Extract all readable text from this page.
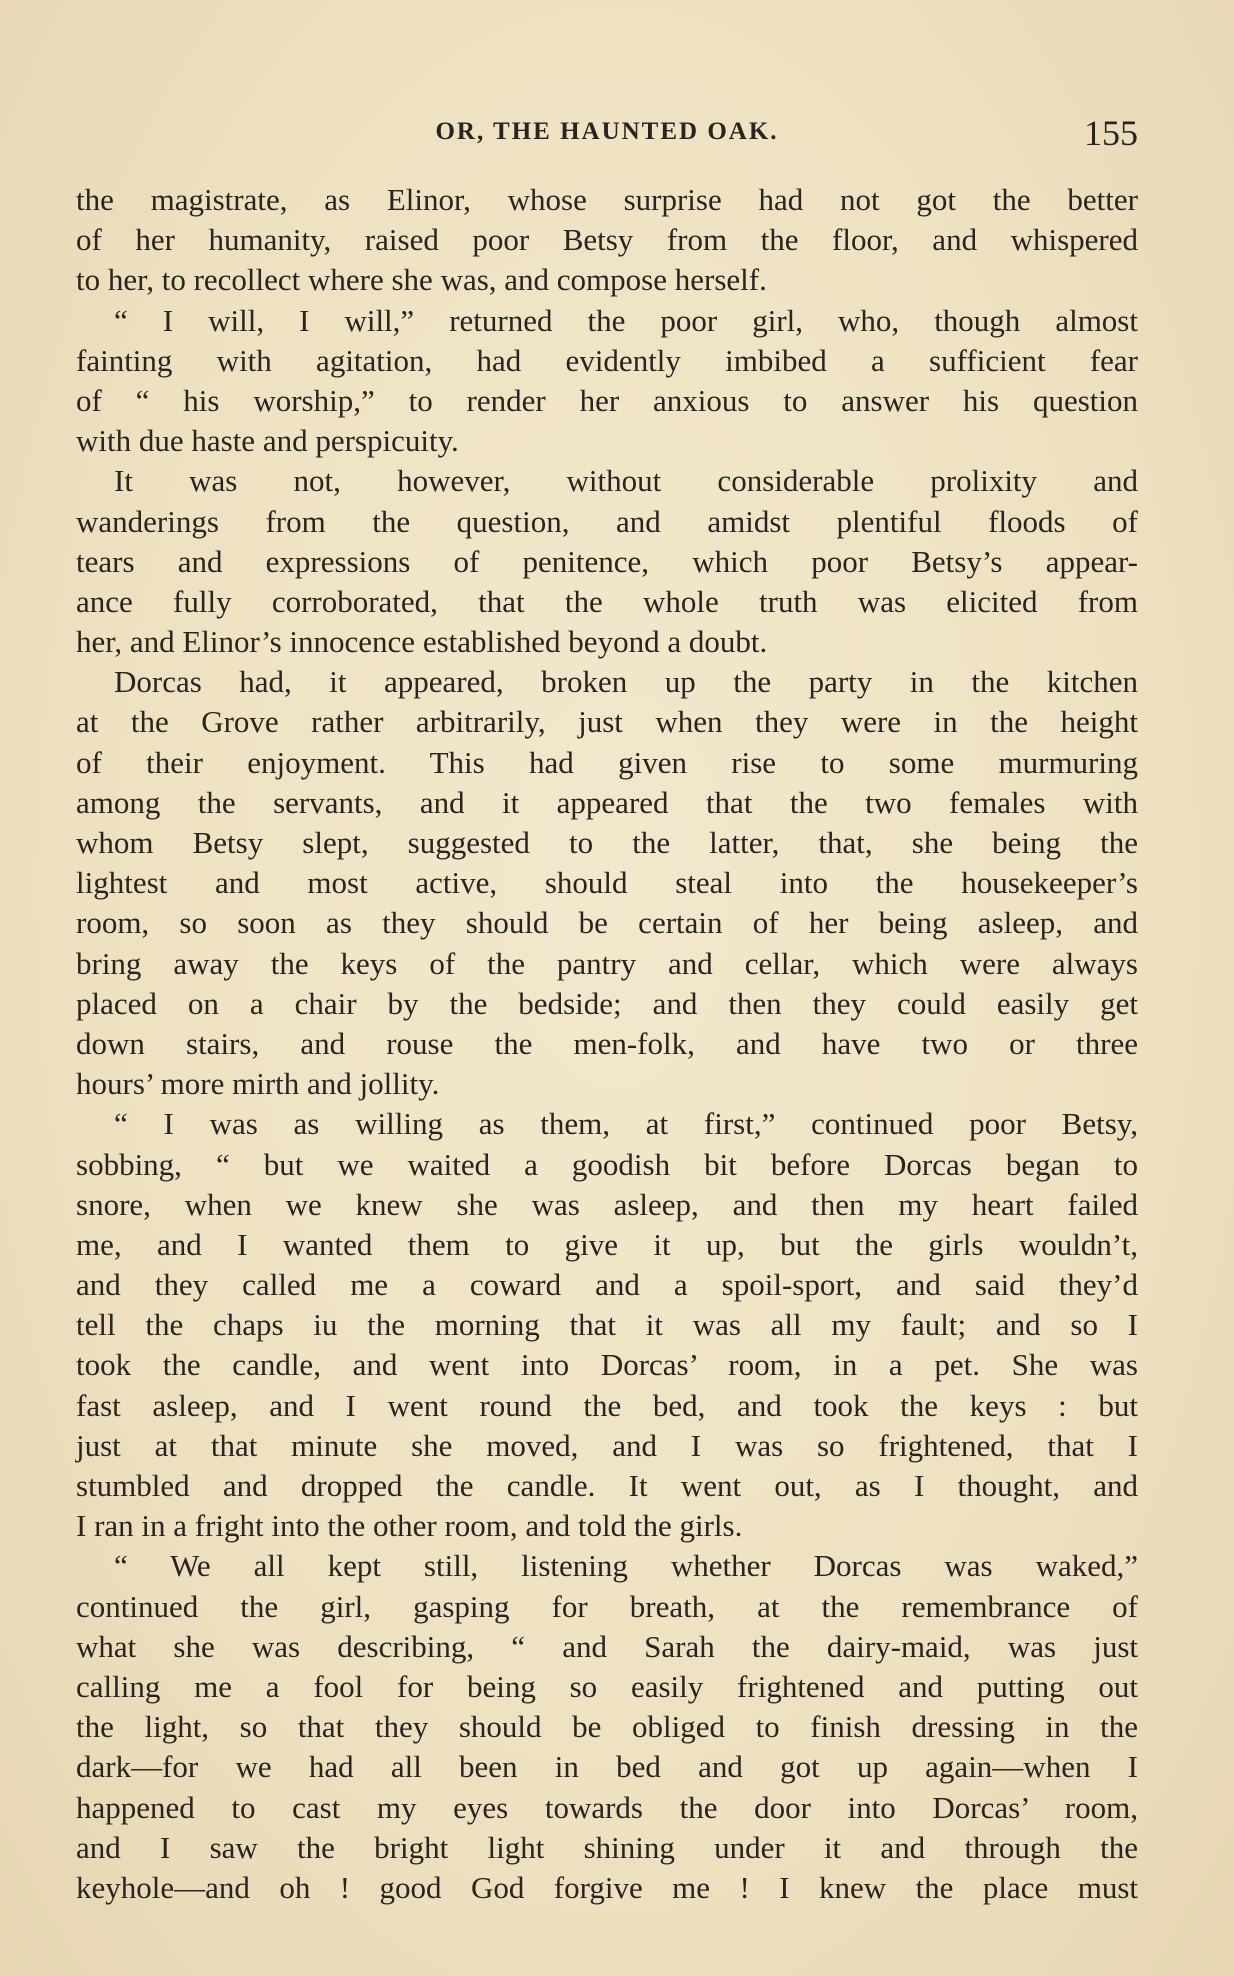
OR, THE HAUNTED OAK.	155
the magistrate, as Elinor, whose surprise had not got the better
of her humanity, raised poor Betsy from the floor, and whispered
to her, to recollect where she was, and compose herself.
“ I will, I will,” returned the poor girl, who, though almost
fainting with agitation, had evidently imbibed a sufficient fear
of “ his worship,” to render her anxious to answer his question
with due haste and perspicuity.
It was not, however, without considerable prolixity and
wanderings from the question, and amidst plentiful floods of
tears and expressions of penitence, which poor Betsy’s appear-
ance fully corroborated, that the whole truth was elicited from
her, and Elinor’s innocence established beyond a doubt.
Dorcas had, it appeared, broken up the party in the kitchen
at the Grove rather arbitrarily, just when they were in the height
of their enjoyment. This had given rise to some murmuring
among the servants, and it appeared that the two females with
whom Betsy slept, suggested to the latter, that, she being the
lightest and most active, should steal into the housekeeper’s
room, so soon as they should be certain of her being asleep, and
bring away the keys of the pantry and cellar, which were always
placed on a chair by the bedside; and then they could easily get
down stairs, and rouse the men-folk, and have two or three
hours’ more mirth and jollity.
“ I was as willing as them, at first,” continued poor Betsy,
sobbing, “ but we waited a goodish bit before Dorcas began to
snore, when we knew she was asleep, and then my heart failed
me, and I wanted them to give it up, but the girls wouldn’t,
and they called me a coward and a spoil-sport, and said they’d
tell the chaps iu the morning that it was all my fault; and so I
took the candle, and went into Dorcas’ room, in a pet. She was
fast asleep, and I went round the bed, and took the keys : but
just at that minute she moved, and I was so frightened, that I
stumbled and dropped the candle. It went out, as I thought, and
I ran in a fright into the other room, and told the girls.
“ We all kept still, listening whether Dorcas was waked,”
continued the girl, gasping for breath, at the remembrance of
what she was describing, “ and Sarah the dairy-maid, was just
calling me a fool for being so easily frightened and putting out
the light, so that they should be obliged to finish dressing in the
dark—for we had all been in bed and got up again—when I
happened to cast my eyes towards the door into Dorcas’ room,
and I saw the bright light shining under it and through the
keyhole—and oh ! good God forgive me ! I knew the place must
